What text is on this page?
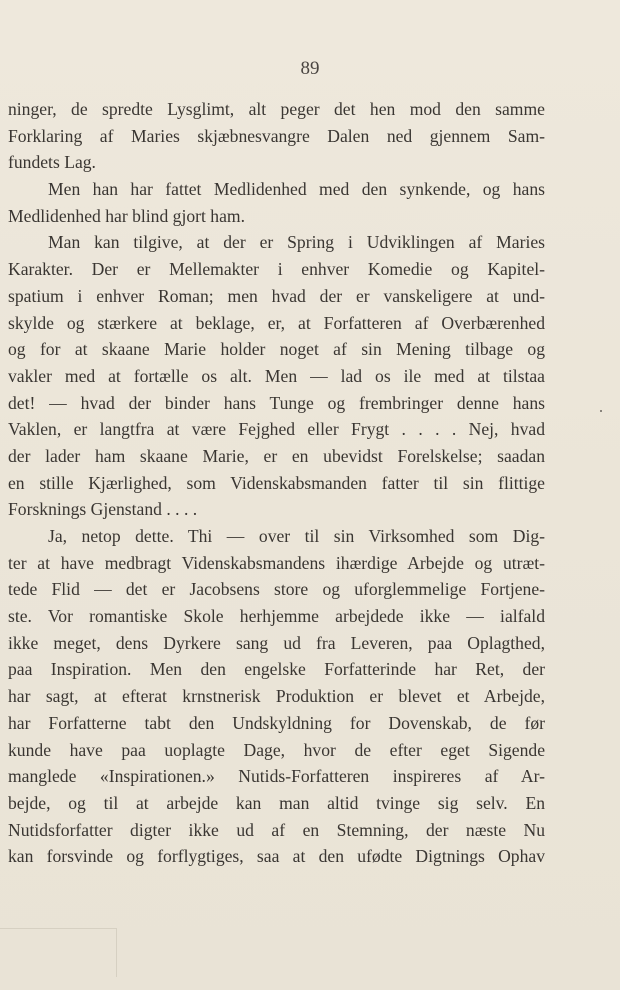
89
ninger, de spredte Lysglimt, alt peger det hen mod den samme
Forklaring af Maries skjæbnesvangre Dalen ned gjennem Sam-
fundets Lag.
Men han har fattet Medlidenhed med den synkende, og hans
Medlidenhed har blind gjort ham.
Man kan tilgive, at der er Spring i Udviklingen af Maries
Karakter. Der er Mellemakter i enhver Komedie og Kapitel-
spatium i enhver Roman; men hvad der er vanskeligere at und-
skylde og stærkere at beklage, er, at Forfatteren af Overbærenhed
og for at skaane Marie holder noget af sin Mening tilbage og
vakler med at fortælle os alt. Men — lad os ile med at tilstaa
det! — hvad der binder hans Tunge og frembringer denne hans
Vaklen, er langtfra at være Fejghed eller Frygt . . . . Nej, hvad
der lader ham skaane Marie, er en ubevidst Forelskelse; saadan
en stille Kjærlighed, som Videnskabsmanden fatter til sin flittige
Forsknings Gjenstand . . . .
Ja, netop dette. Thi — over til sin Virksomhed som Dig-
ter at have medbragt Videnskabsmandens ihærdige Arbejde og utræt-
tede Flid — det er Jacobsens store og uforglemmelige Fortjene-
ste. Vor romantiske Skole herhjemme arbejdede ikke — ialfald
ikke meget, dens Dyrkere sang ud fra Leveren, paa Oplagthed,
paa Inspiration. Men den engelske Forfatterinde har Ret, der
har sagt, at efterat krnstnerisk Produktion er blevet et Arbejde,
har Forfatterne tabt den Undskyldning for Dovenskab, de før
kunde have paa uoplagte Dage, hvor de efter eget Sigende
manglede «Inspirationen.» Nutids-Forfatteren inspireres af Ar-
bejde, og til at arbejde kan man altid tvinge sig selv. En
Nutidsforfatter digter ikke ud af en Stemning, der næste Nu
kan forsvinde og forflygtiges, saa at den ufødte Digtnings Ophav
